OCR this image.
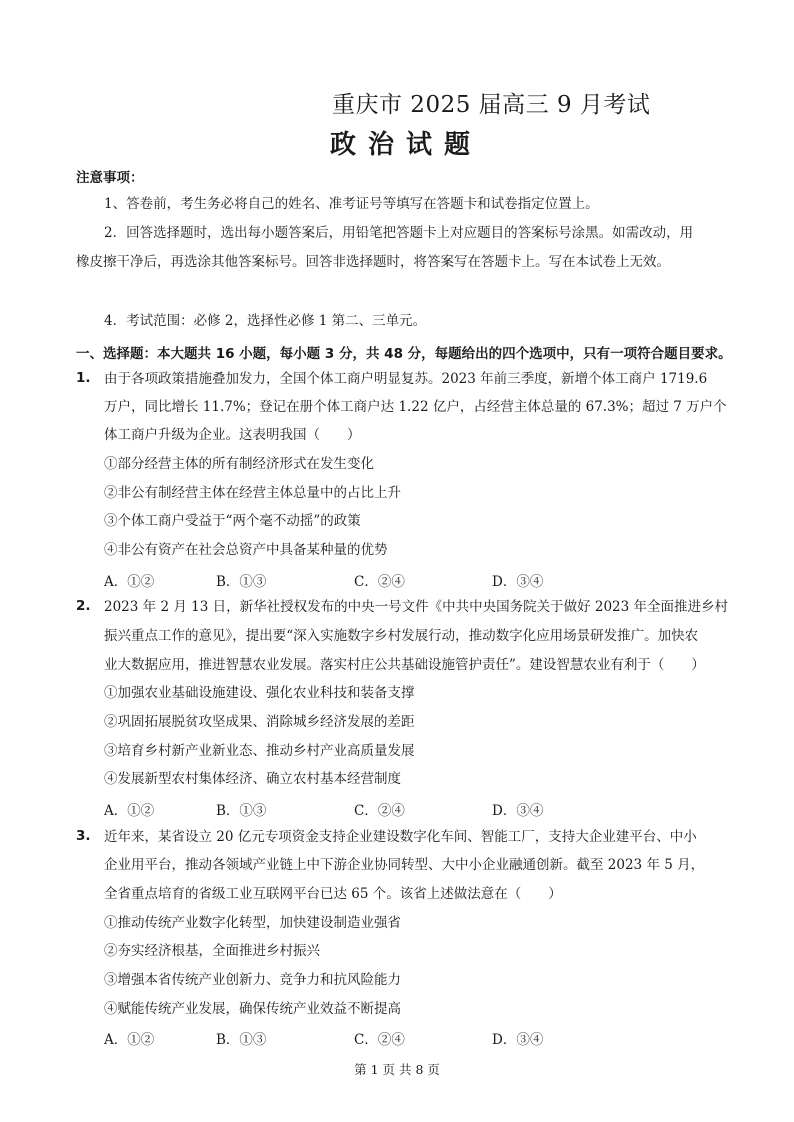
重庆市 2025 届高三 9 月考试
政治试题
注意事项：
1、答卷前，考生务必将自己的姓名、准考证号等填写在答题卡和试卷指定位置上。
2．回答选择题时，选出每小题答案后，用铅笔把答题卡上对应题目的答案标号涂黑。如需改动，用
橡皮擦干净后，再选涂其他答案标号。回答非选择题时，将答案写在答题卡上。写在本试卷上无效。
4．考试范围：必修 2，选择性必修 1 第二、三单元。
一、选择题：本大题共 16 小题，每小题 3 分，共 48 分，每题给出的四个选项中，只有一项符合题目要求。
1. 由于各项政策措施叠加发力，全国个体工商户明显复苏。2023 年前三季度，新增个体工商户 1719.6
万户，同比增长 11.7%；登记在册个体工商户达 1.22 亿户，占经营主体总量的 67.3%；超过 7 万户个
体工商户升级为企业。这表明我国（　　）
①部分经营主体的所有制经济形式在发生变化
②非公有制经营主体在经营主体总量中的占比上升
③个体工商户受益于“两个毫不动摇”的政策
④非公有资产在社会总资产中具备某种量的优势
A．①②	B．①③	C．②④	D．③④
2. 2023 年 2 月 13 日，新华社授权发布的中央一号文件《中共中央国务院关于做好 2023 年全面推进乡村
振兴重点工作的意见》，提出要“深入实施数字乡村发展行动，推动数字化应用场景研发推广。加快农
业大数据应用，推进智慧农业发展。落实村庄公共基础设施管护责任”。建设智慧农业有利于（　　）
①加强农业基础设施建设、强化农业科技和装备支撑
②巩固拓展脱贫攻坚成果、消除城乡经济发展的差距
③培育乡村新产业新业态、推动乡村产业高质量发展
④发展新型农村集体经济、确立农村基本经营制度
A．①②	B．①③	C．②④	D．③④
3. 近年来，某省设立 20 亿元专项资金支持企业建设数字化车间、智能工厂，支持大企业建平台、中小
企业用平台，推动各领域产业链上中下游企业协同转型、大中小企业融通创新。截至 2023 年 5 月，
全省重点培育的省级工业互联网平台已达 65 个。该省上述做法意在（　　）
①推动传统产业数字化转型，加快建设制造业强省
②夯实经济根基，全面推进乡村振兴
③增强本省传统产业创新力、竞争力和抗风险能力
④赋能传统产业发展，确保传统产业效益不断提高
A．①②	B．①③	C．②④	D．③④
第 1 页 共 8 页
